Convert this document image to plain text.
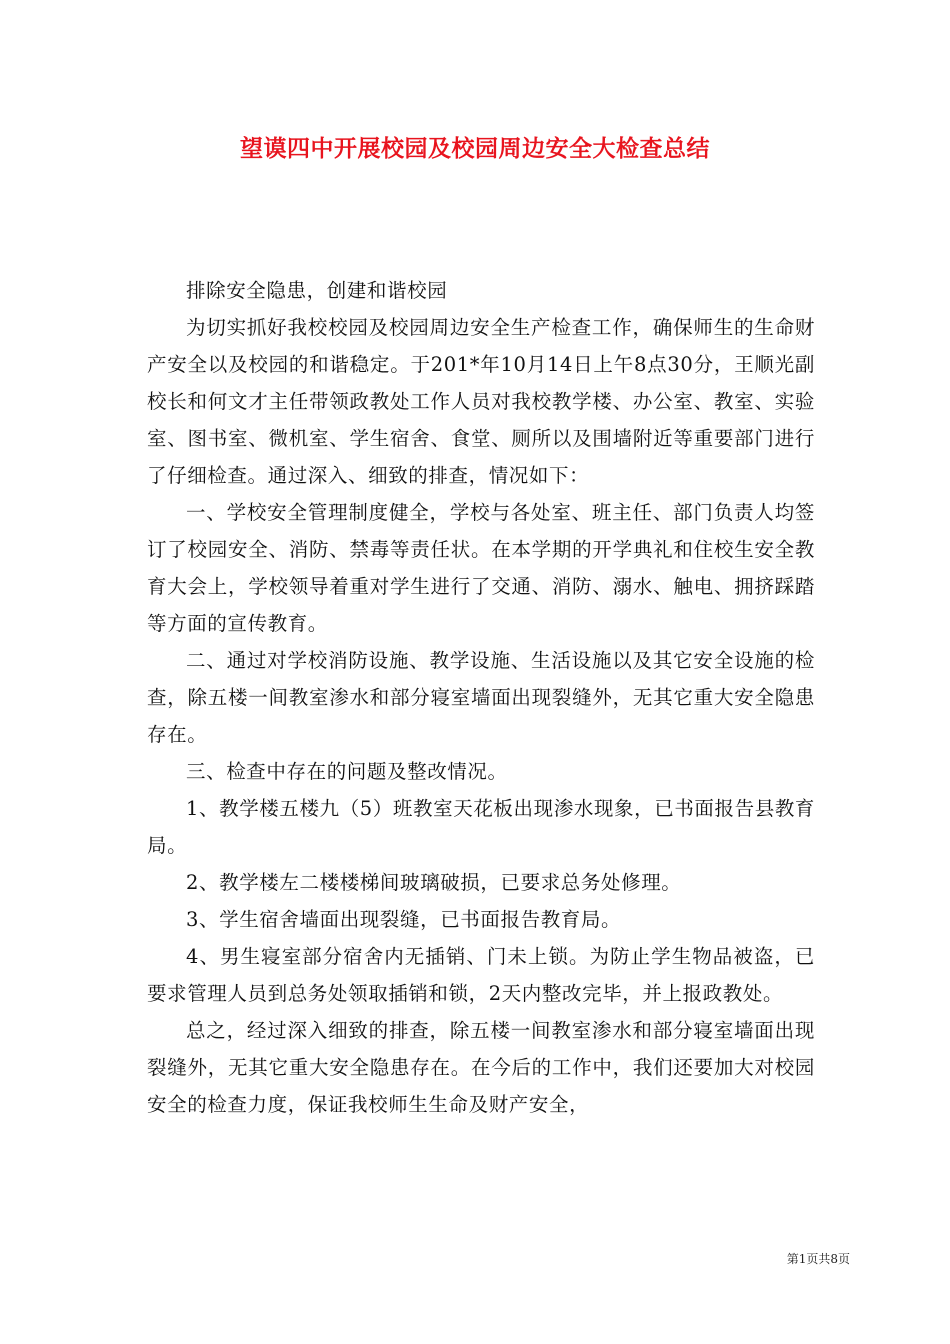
望谟四中开展校园及校园周边安全大检查总结

排除安全隐患，创建和谐校园

为切实抓好我校校园及校园周边安全生产检查工作，确保师生的生命财产安全以及校园的和谐稳定。于201*年10月14日上午8点30分，王顺光副校长和何文才主任带领政教处工作人员对我校教学楼、办公室、教室、实验室、图书室、微机室、学生宿舍、食堂、厕所以及围墙附近等重要部门进行了仔细检查。通过深入、细致的排查，情况如下：

一、学校安全管理制度健全，学校与各处室、班主任、部门负责人均签订了校园安全、消防、禁毒等责任状。在本学期的开学典礼和住校生安全教育大会上，学校领导着重对学生进行了交通、消防、溺水、触电、拥挤踩踏等方面的宣传教育。

二、通过对学校消防设施、教学设施、生活设施以及其它安全设施的检查，除五楼一间教室渗水和部分寝室墙面出现裂缝外，无其它重大安全隐患存在。

三、检查中存在的问题及整改情况。

1、教学楼五楼九（5）班教室天花板出现渗水现象，已书面报告县教育局。

2、教学楼左二楼楼梯间玻璃破损，已要求总务处修理。

3、学生宿舍墙面出现裂缝，已书面报告教育局。

4、男生寝室部分宿舍内无插销、门未上锁。为防止学生物品被盗，已要求管理人员到总务处领取插销和锁，2天内整改完毕，并上报政教处。

总之，经过深入细致的排查，除五楼一间教室渗水和部分寝室墙面出现裂缝外，无其它重大安全隐患存在。在今后的工作中，我们还要加大对校园安全的检查力度，保证我校师生生命及财产安全，

第1页共8页
